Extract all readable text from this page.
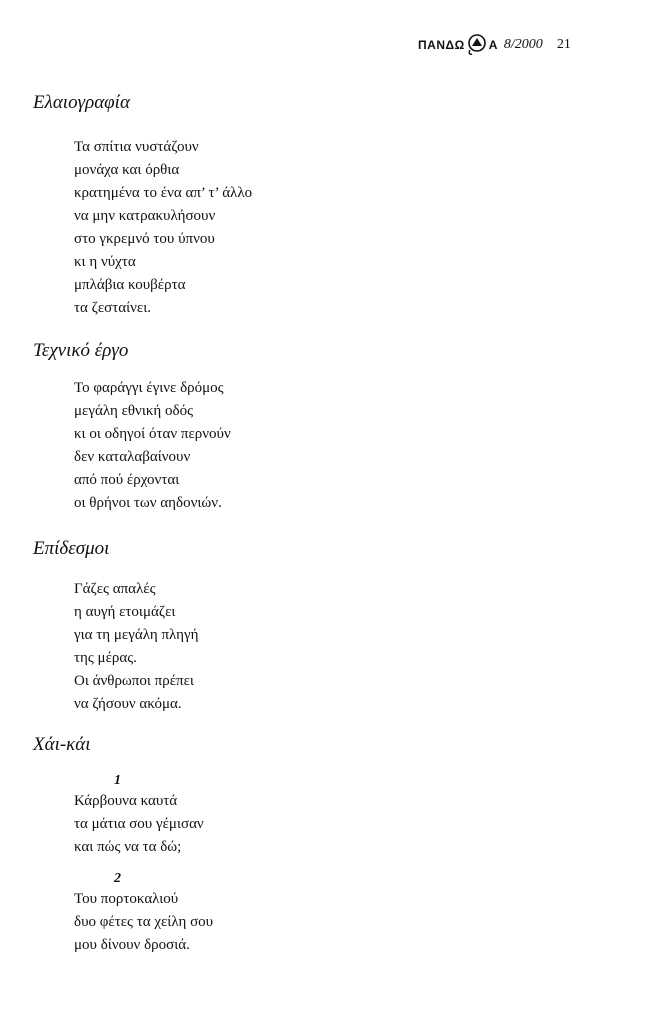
ΠΑΝΔΩ Α 8/2000 21
Ελαιογραφία
Τα σπίτια νυστάζουν
μονάχα και όρθια
κρατημένα το ένα απ’ τ’ άλλο
να μην κατρακυλήσουν
στο γκρεμνό του ύπνου
κι η νύχτα
μπλάβια κουβέρτα
τα ζεσταίνει.
Τεχνικό έργο
Το φαράγγι έγινε δρόμος
μεγάλη εθνική οδός
κι οι οδηγοί όταν περνούν
δεν καταλαβαίνουν
από πού έρχονται
οι θρήνοι των αηδονιών.
Επίδεσμοι
Γάζες απαλές
η αυγή ετοιμάζει
για τη μεγάλη πληγή
της μέρας.
Οι άνθρωποι πρέπει
να ζήσουν ακόμα.
Χάι-κάι
1
Κάρβουνα καυτά
τα μάτια σου γέμισαν
και πώς να τα δώ;
2
Του πορτοκαλιού
δυο φέτες τα χείλη σου
μου δίνουν δροσιά.
